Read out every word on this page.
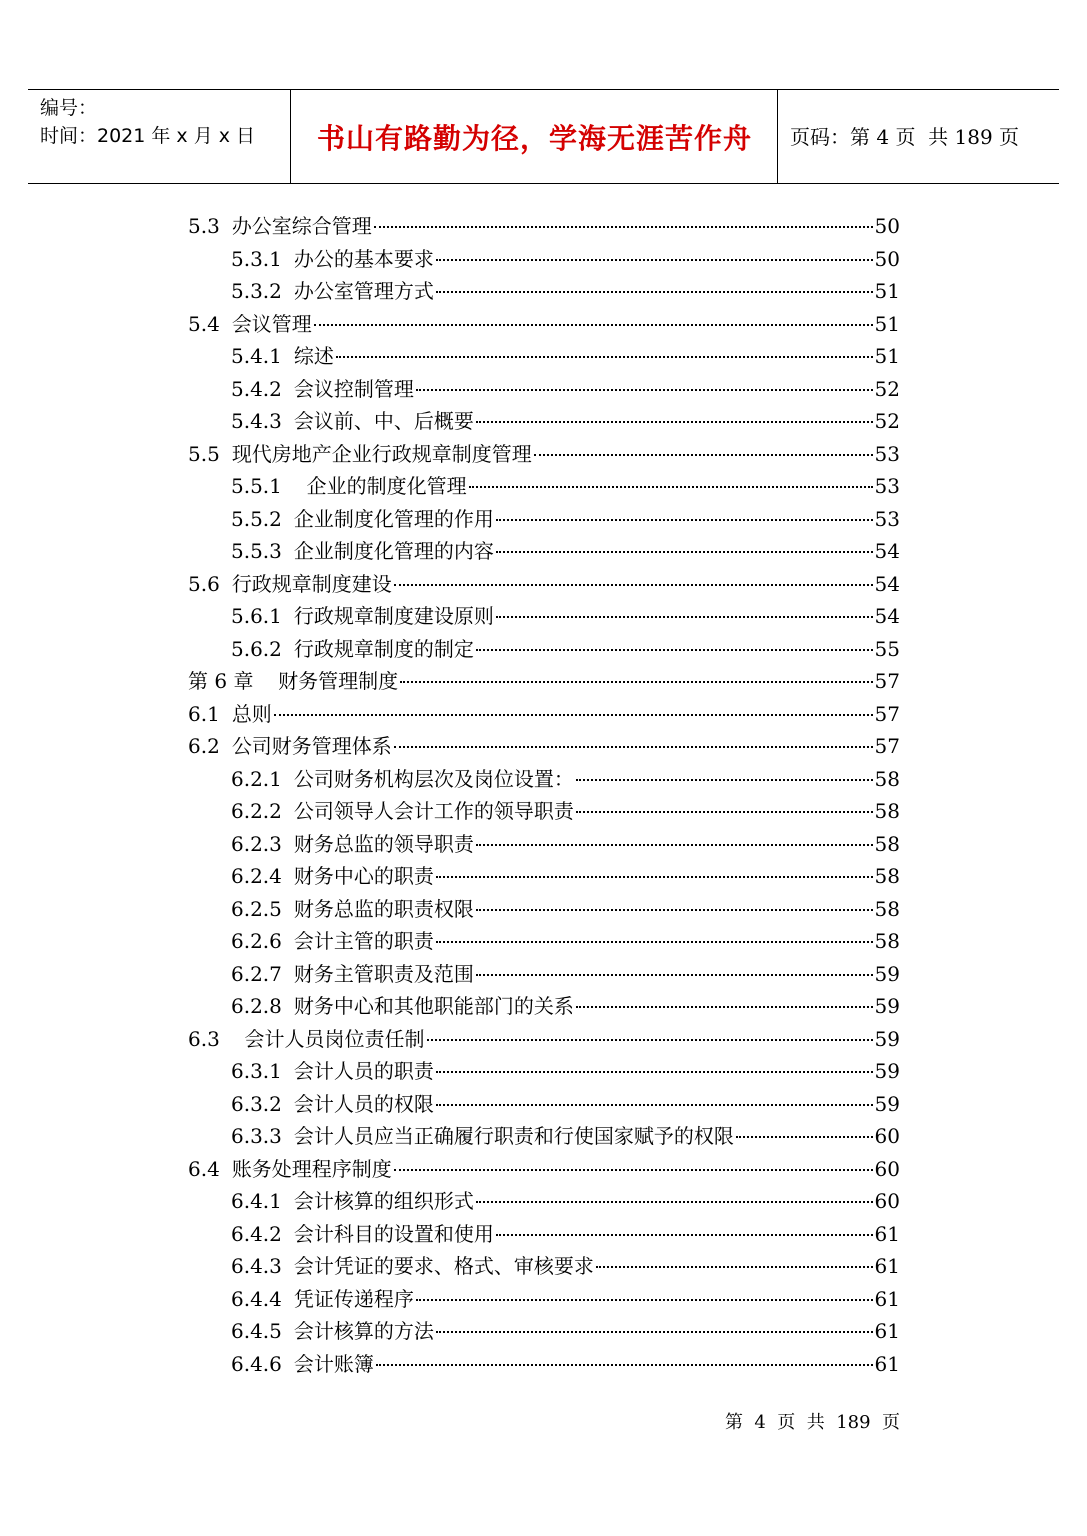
编号：
时间：2021 年 x 月 x 日	书山有路勤为径，学海无涯苦作舟	页码：第 4 页  共 189 页
5.3 办公室综合管理	50
5.3.1 办公的基本要求	50
5.3.2 办公室管理方式	51
5.4 会议管理	51
5.4.1 综述	51
5.4.2 会议控制管理	52
5.4.3 会议前、中、后概要	52
5.5 现代房地产企业行政规章制度管理	53
5.5.1 企业的制度化管理	53
5.5.2 企业制度化管理的作用	53
5.5.3 企业制度化管理的内容	54
5.6 行政规章制度建设	54
5.6.1 行政规章制度建设原则	54
5.6.2 行政规章制度的制定	55
第 6 章 财务管理制度	57
6.1 总则	57
6.2 公司财务管理体系	57
6.2.1 公司财务机构层次及岗位设置：	58
6.2.2 公司领导人会计工作的领导职责	58
6.2.3 财务总监的领导职责	58
6.2.4 财务中心的职责	58
6.2.5 财务总监的职责权限	58
6.2.6 会计主管的职责	58
6.2.7 财务主管职责及范围	59
6.2.8 财务中心和其他职能部门的关系	59
6.3 会计人员岗位责任制	59
6.3.1 会计人员的职责	59
6.3.2 会计人员的权限	59
6.3.3 会计人员应当正确履行职责和行使国家赋予的权限	60
6.4 账务处理程序制度	60
6.4.1 会计核算的组织形式	60
6.4.2 会计科目的设置和使用	61
6.4.3 会计凭证的要求、格式、审核要求	61
6.4.4 凭证传递程序	61
6.4.5 会计核算的方法	61
6.4.6 会计账簿	61
第  4  页  共  189  页
